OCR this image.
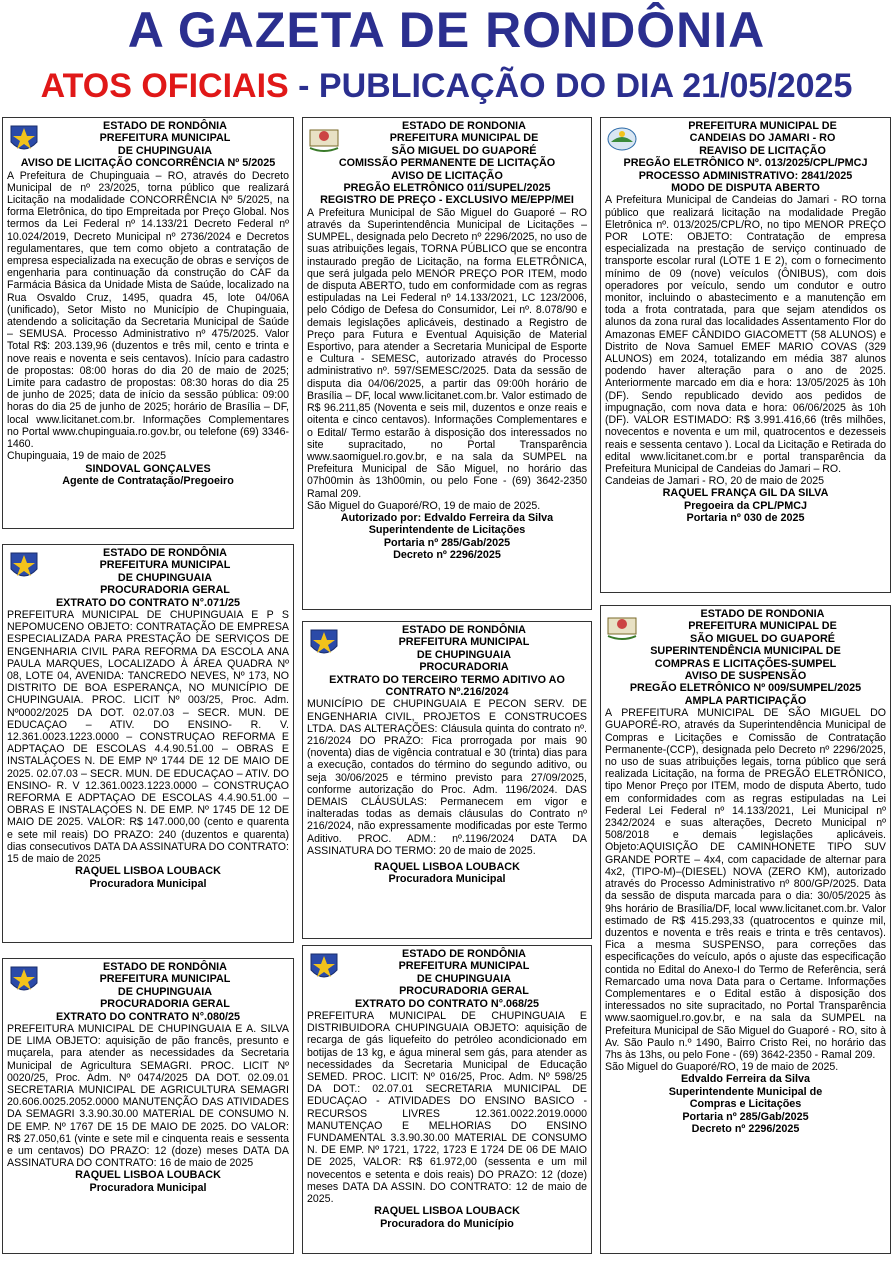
A GAZETA DE RONDÔNIA
ATOS OFICIAIS - PUBLICAÇÃO DO DIA 21/05/2025
ESTADO DE RONDÔNIA
PREFEITURA MUNICIPAL
DE CHUPINGUAIA
AVISO DE LICITAÇÃO CONCORRÊNCIA Nº 5/2025
A Prefeitura de Chupinguaia – RO, através do Decreto Municipal de nº 23/2025, torna público que realizará Licitação na modalidade CONCORRÊNCIA Nº 5/2025, na forma Eletrônica, do tipo Empreitada por Preço Global. Nos termos da Lei Federal nº 14.133/21 Decreto Federal nº 10.024/2019, Decreto Municipal nº 2736/2024 e Decretos regulamentares, que tem como objeto a contratação de empresa especializada na execução de obras e serviços de engenharia para continuação da construção do CAF da Farmácia Básica da Unidade Mista de Saúde, localizado na Rua Osvaldo Cruz, 1495, quadra 45, lote 04/06A (unificado), Setor Misto no Município de Chupinguaia, atendendo a solicitação da Secretaria Municipal de Saúde – SEMUSA. Processo Administrativo nº 475/2025. Valor Total R$: 203.139,96 (duzentos e três mil, cento e trinta e nove reais e noventa e seis centavos). Início para cadastro de propostas: 08:00 horas do dia 20 de maio de 2025; Limite para cadastro de propostas: 08:30 horas do dia 25 de junho de 2025; data de início da sessão pública: 09:00 horas do dia 25 de junho de 2025; horário de Brasília – DF, local www.licitanet.com.br. Informações Complementares no Portal www.chupinguaia.ro.gov.br, ou telefone (69) 3346-1460.
Chupinguaia, 19 de maio de 2025
SINDOVAL GONÇALVES
Agente de Contratação/Pregoeiro
ESTADO DE RONDÔNIA
PREFEITURA MUNICIPAL
DE CHUPINGUAIA
PROCURADORIA GERAL
EXTRATO DO CONTRATO N°.071/25
PREFEITURA MUNICIPAL DE CHUPINGUAIA E P S NEPOMUCENO OBJETO: CONTRATAÇÃO DE EMPRESA ESPECIALIZADA PARA PRESTAÇÃO DE SERVIÇOS DE ENGENHARIA CIVIL PARA REFORMA DA ESCOLA ANA PAULA MARQUES, LOCALIZADO À ÁREA QUADRA Nº 08, LOTE 04, AVENIDA: TANCREDO NEVES, Nº 173, NO DISTRITO DE BOA ESPERANÇA, NO MUNICÍPIO DE CHUPINGUAIA. PROC. LICIT Nº 003/25, Proc. Adm. Nº0002/2025 DA DOT. 02.07.03 – SECR. MUN. DE EDUCAÇAO – ATIV. DO ENSINO- R. V. 12.361.0023.1223.0000 – CONSTRUÇAO REFORMA E ADPTAÇAO DE ESCOLAS 4.4.90.51.00 – OBRAS E INSTALAÇOES N. DE EMP Nº 1744 DE 12 DE MAIO DE 2025. 02.07.03 – SECR. MUN. DE EDUCAÇAO – ATIV. DO ENSINO- R. V 12.361.0023.1223.0000 – CONSTRUÇAO REFORMA E ADPTAÇAO DE ESCOLAS 4.4.90.51.00 – OBRAS E INSTALAÇOES N. DE EMP. Nº 1745 DE 12 DE MAIO DE 2025. VALOR: R$ 147.000,00 (cento e quarenta e sete mil reais) DO PRAZO: 240 (duzentos e quarenta) dias consecutivos DATA DA ASSINATURA DO CONTRATO: 15 de maio de 2025
RAQUEL LISBOA LOUBACK
Procuradora Municipal
ESTADO DE RONDÔNIA
PREFEITURA MUNICIPAL
DE CHUPINGUAIA
PROCURADORIA GERAL
EXTRATO DO CONTRATO N°.080/25
PREFEITURA MUNICIPAL DE CHUPINGUAIA E A. SILVA DE LIMA OBJETO: aquisição de pão francês, presunto e muçarela, para atender as necessidades da Secretaria Municipal de Agricultura SEMAGRI. PROC. LICIT Nº 0020/25, Proc. Adm. Nº 0474/2025 DA DOT. 02.09.01 SECRETARIA MUNICIPAL DE AGRICULTURA SEMAGRI 20.606.0025.2052.0000 MANUTENÇÃO DAS ATIVIDADES DA SEMAGRI 3.3.90.30.00 MATERIAL DE CONSUMO N. DE EMP. Nº 1767 DE 15 DE MAIO DE 2025. DO VALOR: R$ 27.050,61 (vinte e sete mil e cinquenta reais e sessenta e um centavos) DO PRAZO: 12 (doze) meses DATA DA ASSINATURA DO CONTRATO: 16 de maio de 2025
RAQUEL LISBOA LOUBACK
Procuradora Municipal
ESTADO DE RONDONIA
PREFEITURA MUNICIPAL DE
SÃO MIGUEL DO GUAPORÉ
COMISSÃO PERMANENTE DE LICITAÇÃO
AVISO DE LICITAÇÃO
PREGÃO ELETRÔNICO 011/SUPEL/2025
REGISTRO DE PREÇO - EXCLUSIVO ME/EPP/MEI
A Prefeitura Municipal de São Miguel do Guaporé – RO através da Superintendência Municipal de Licitações – SUMPEL, designada pelo Decreto nº 2296/2025, no uso de suas atribuições legais, TORNA PÚBLICO que se encontra instaurado pregão de Licitação, na forma ELETRÔNICA, que será julgada pelo MENOR PREÇO POR ITEM, modo de disputa ABERTO, tudo em conformidade com as regras estipuladas na Lei Federal nº 14.133/2021, LC 123/2006, pelo Código de Defesa do Consumidor, Lei nº. 8.078/90 e demais legislações aplicáveis, destinado a Registro de Preço para Futura e Eventual Aquisição de Material Esportivo, para atender a Secretaria Municipal de Esporte e Cultura - SEMESC, autorizado através do Processo administrativo nº. 597/SEMESC/2025. Data da sessão de disputa dia 04/06/2025, a partir das 09:00h horário de Brasília – DF, local www.licitanet.com.br. Valor estimado de R$ 96.211,85 (Noventa e seis mil, duzentos e onze reais e oitenta e cinco centavos). Informações Complementares e o Edital/ Termo estarão à disposição dos interessados no site supracitado, no Portal Transparência www.saomiguel.ro.gov.br, e na sala da SUMPEL na Prefeitura Municipal de São Miguel, no horário das 07h00min às 13h00min, ou pelo Fone - (69) 3642-2350 Ramal 209.
São Miguel do Guaporé/RO, 19 de maio de 2025.
Autorizado por: Edvaldo Ferreira da Silva
Superintendente de Licitações
Portaria nº 285/Gab/2025
Decreto nº 2296/2025
ESTADO DE RONDÔNIA
PREFEITURA MUNICIPAL
DE CHUPINGUAIA
PROCURADORIA
EXTRATO DO TERCEIRO TERMO ADITIVO AO
CONTRATO Nº.216/2024
MUNICÍPIO DE CHUPINGUAIA E PECON SERV. DE ENGENHARIA CIVIL, PROJETOS E CONSTRUCOES LTDA. DAS ALTERAÇÕES: Cláusula quinta do contrato nº. 216/2024 DO PRAZO: Fica prorrogada por mais 90 (noventa) dias de vigência contratual e 30 (trinta) dias para a execução, contados do término do segundo aditivo, ou seja 30/06/2025 e término previsto para 27/09/2025, conforme autorização do Proc. Adm. 1196/2024. DAS DEMAIS CLÁUSULAS: Permanecem em vigor e inalteradas todas as demais cláusulas do Contrato nº 216/2024, não expressamente modificadas por este Termo Aditivo. PROC. ADM.: nº.1196/2024 DATA DA ASSINATURA DO TERMO: 20 de maio de 2025.
RAQUEL LISBOA LOUBACK
Procuradora Municipal
ESTADO DE RONDÔNIA
PREFEITURA MUNICIPAL
DE CHUPINGUAIA
PROCURADORIA GERAL
EXTRATO DO CONTRATO N°.068/25
PREFEITURA MUNICIPAL DE CHUPINGUAIA E DISTRIBUIDORA CHUPINGUAIA OBJETO: aquisição de recarga de gás liquefeito do petróleo acondicionado em botijas de 13 kg, e água mineral sem gás, para atender as necessidades da Secretaria Municipal de Educação SEMED. PROC. LICIT: Nº 016/25, Proc. Adm. Nº 598/25 DA DOT.: 02.07.01 SECRETARIA MUNICIPAL DE EDUCAÇAO - ATIVIDADES DO ENSINO BASICO - RECURSOS LIVRES 12.361.0022.2019.0000 MANUTENÇAO E MELHORIAS DO ENSINO FUNDAMENTAL 3.3.90.30.00 MATERIAL DE CONSUMO N. DE EMP. Nº 1721, 1722, 1723 E 1724 DE 06 DE MAIO DE 2025, VALOR: R$ 61.972,00 (sessenta e um mil novecentos e setenta e dois reais) DO PRAZO: 12 (doze) meses DATA DA ASSIN. DO CONTRATO: 12 de maio de 2025.
RAQUEL LISBOA LOUBACK
Procuradora do Município
PREFEITURA MUNICIPAL DE
CANDEIAS DO JAMARI - RO
REAVISO DE LICITAÇÃO
PREGÃO ELETRÔNICO Nº. 013/2025/CPL/PMCJ
PROCESSO ADMINISTRATIVO: 2841/2025
MODO DE DISPUTA ABERTO
A Prefeitura Municipal de Candeias do Jamari - RO torna público que realizará licitação na modalidade Pregão Eletrônica nº. 013/2025/CPL/RO, no tipo MENOR PREÇO POR LOTE: OBJETO: Contratação de empresa especializada na prestação de serviço continuado de transporte escolar rural (LOTE 1 E 2), com o fornecimento mínimo de 09 (nove) veículos (ÔNIBUS), com dois operadores por veículo, sendo um condutor e outro monitor, incluindo o abastecimento e a manutenção em toda a frota contratada, para que sejam atendidos os alunos da zona rural das localidades Assentamento Flor do Amazonas EMEF CÂNDIDO GIACOMETT (58 ALUNOS) e Distrito de Nova Samuel EMEF MARIO COVAS (329 ALUNOS) em 2024, totalizando em média 387 alunos podendo haver alteração para o ano de 2025. Anteriormente marcado em dia e hora: 13/05/2025 às 10h (DF). Sendo republicado devido aos pedidos de impugnação, com nova data e hora: 06/06/2025 às 10h (DF). VALOR ESTIMADO: R$ 3.991.416,66 (três milhões, novecentos e noventa e um mil, quatrocentos e dezesseis reais e sessenta centavo ). Local da Licitação e Retirada do edital www.licitanet.com.br e portal transparência da Prefeitura Municipal de Candeias do Jamari – RO.
Candeias de Jamari - RO, 20 de maio de 2025
RAQUEL FRANÇA GIL DA SILVA
Pregoeira da CPL/PMCJ
Portaria nº 030 de 2025
ESTADO DE RONDONIA
PREFEITURA MUNICIPAL DE
SÃO MIGUEL DO GUAPORÉ
SUPERINTENDÊNCIA MUNICIPAL DE
COMPRAS E LICITAÇÕES-SUMPEL
AVISO DE SUSPENSÃO
PREGÃO ELETRÔNICO Nº 009/SUMPEL/2025
AMPLA PARTICIPAÇÃO
A PREFEITURA MUNICIPAL DE SÃO MIGUEL DO GUAPORÉ-RO, através da Superintendência Municipal de Compras e Licitações e Comissão de Contratação Permanente-(CCP), designada pelo Decreto nº 2296/2025, no uso de suas atribuições legais, torna público que será realizada Licitação, na forma de PREGÃO ELETRÔNICO, tipo Menor Preço por ITEM, modo de disputa Aberto, tudo em conformidades com as regras estipuladas na Lei Federal Lei Federal nº 14.133/2021, Lei Municipal nº 2342/2024 e suas alterações, Decreto Municipal nº 508/2018 e demais legislações aplicáveis. Objeto:AQUISIÇÃO DE CAMINHONETE TIPO SUV GRANDE PORTE – 4x4, com capacidade de alternar para 4x2, (TIPO-M)–(DIESEL) NOVA (ZERO KM), autorizado através do Processo Administrativo nº 800/GP/2025. Data da sessão de disputa marcada para o dia: 30/05/2025 às 9hs horário de Brasília/DF, local www.licitanet.com.br. Valor estimado de R$ 415.293,33 (quatrocentos e quinze mil, duzentos e noventa e três reais e trinta e três centavos). Fica a mesma SUSPENSO, para correções das especificações do veículo, após o ajuste das especificação contida no Edital do Anexo-I do Termo de Referência, será Remarcado uma nova Data para o Certame. Informações Complementares e o Edital estão à disposição dos interessados no site supracitado, no Portal Transparência www.saomiguel.ro.gov.br, e na sala da SUMPEL na Prefeitura Municipal de São Miguel do Guaporé - RO, sito à Av. São Paulo n.º 1490, Bairro Cristo Rei, no horário das 7hs às 13hs, ou pelo Fone - (69) 3642-2350 - Ramal 209.
São Miguel do Guaporé/RO, 19 de maio de 2025.
Edvaldo Ferreira da Silva
Superintendente Municipal de
Compras e Licitações
Portaria nº 285/Gab/2025
Decreto nº 2296/2025
